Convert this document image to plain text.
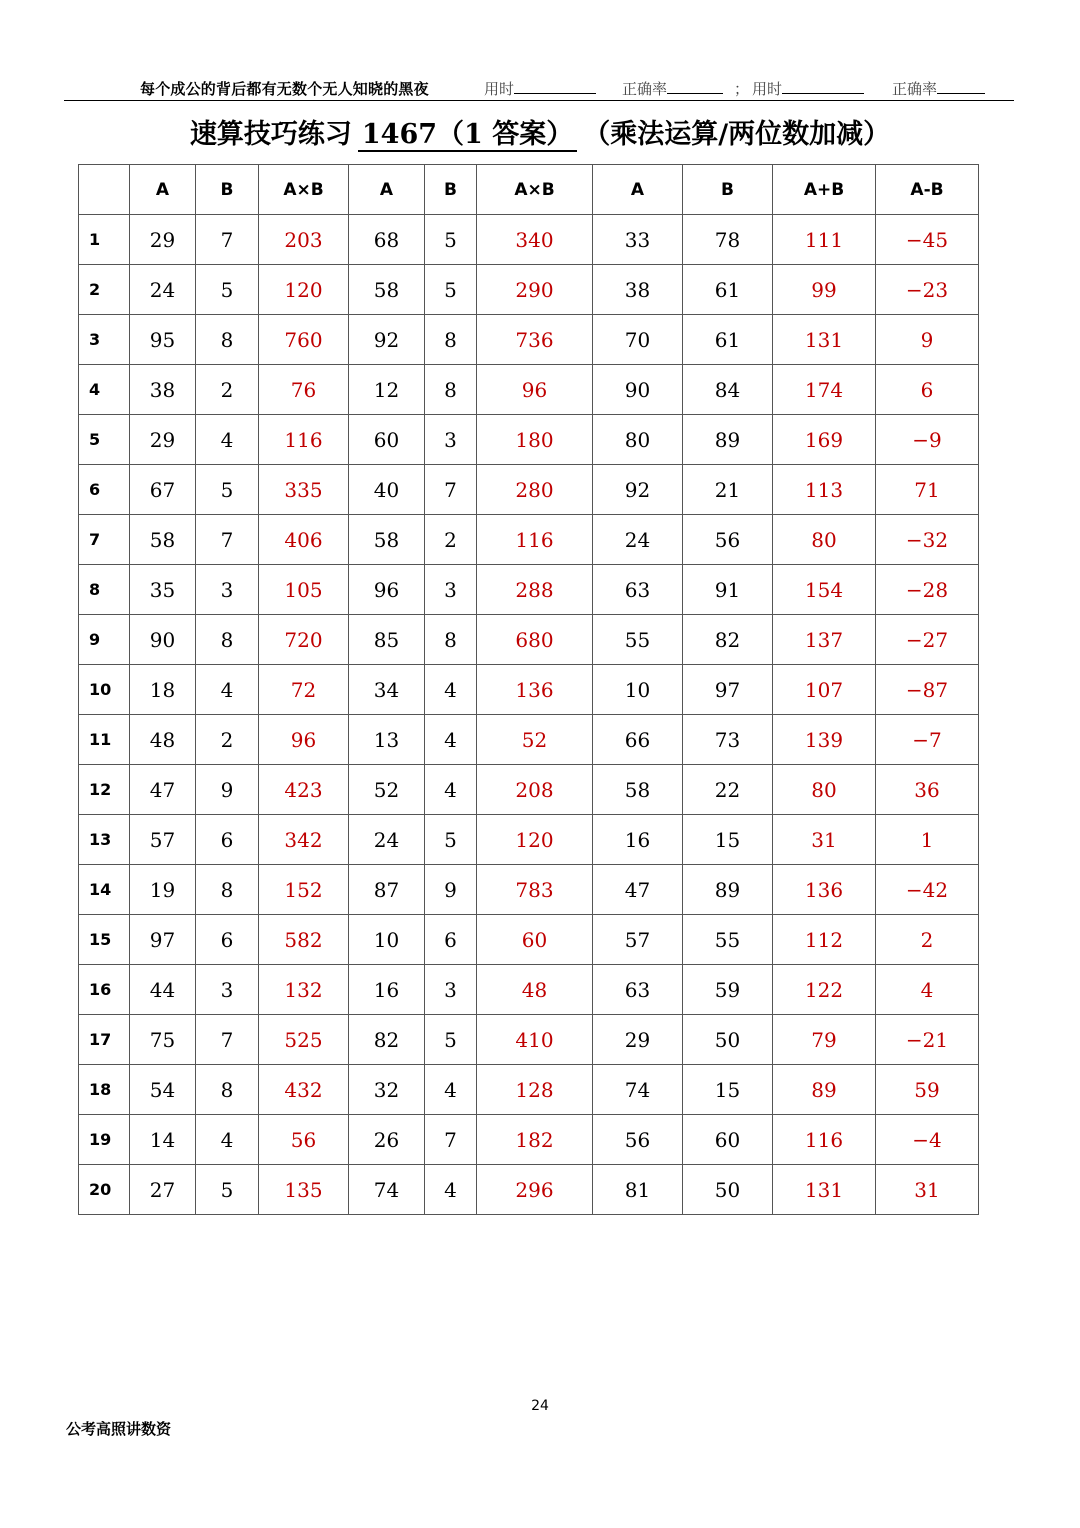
每个成公的背后都有无数个无人知晓的黑夜	用时	正确率	； 用时	正确率
速算技巧练习 1467（1 答案） （乘法运算/两位数加减）
	A	B	A×B	A	B	A×B	A	B	A+B	A-B
1	29	7	203	68	5	340	33	78	111	−45
2	24	5	120	58	5	290	38	61	99	−23
3	95	8	760	92	8	736	70	61	131	9
4	38	2	76	12	8	96	90	84	174	6
5	29	4	116	60	3	180	80	89	169	−9
6	67	5	335	40	7	280	92	21	113	71
7	58	7	406	58	2	116	24	56	80	−32
8	35	3	105	96	3	288	63	91	154	−28
9	90	8	720	85	8	680	55	82	137	−27
10	18	4	72	34	4	136	10	97	107	−87
11	48	2	96	13	4	52	66	73	139	−7
12	47	9	423	52	4	208	58	22	80	36
13	57	6	342	24	5	120	16	15	31	1
14	19	8	152	87	9	783	47	89	136	−42
15	97	6	582	10	6	60	57	55	112	2
16	44	3	132	16	3	48	63	59	122	4
17	75	7	525	82	5	410	29	50	79	−21
18	54	8	432	32	4	128	74	15	89	59
19	14	4	56	26	7	182	56	60	116	−4
20	27	5	135	74	4	296	81	50	131	31
24
公考高照讲数资
